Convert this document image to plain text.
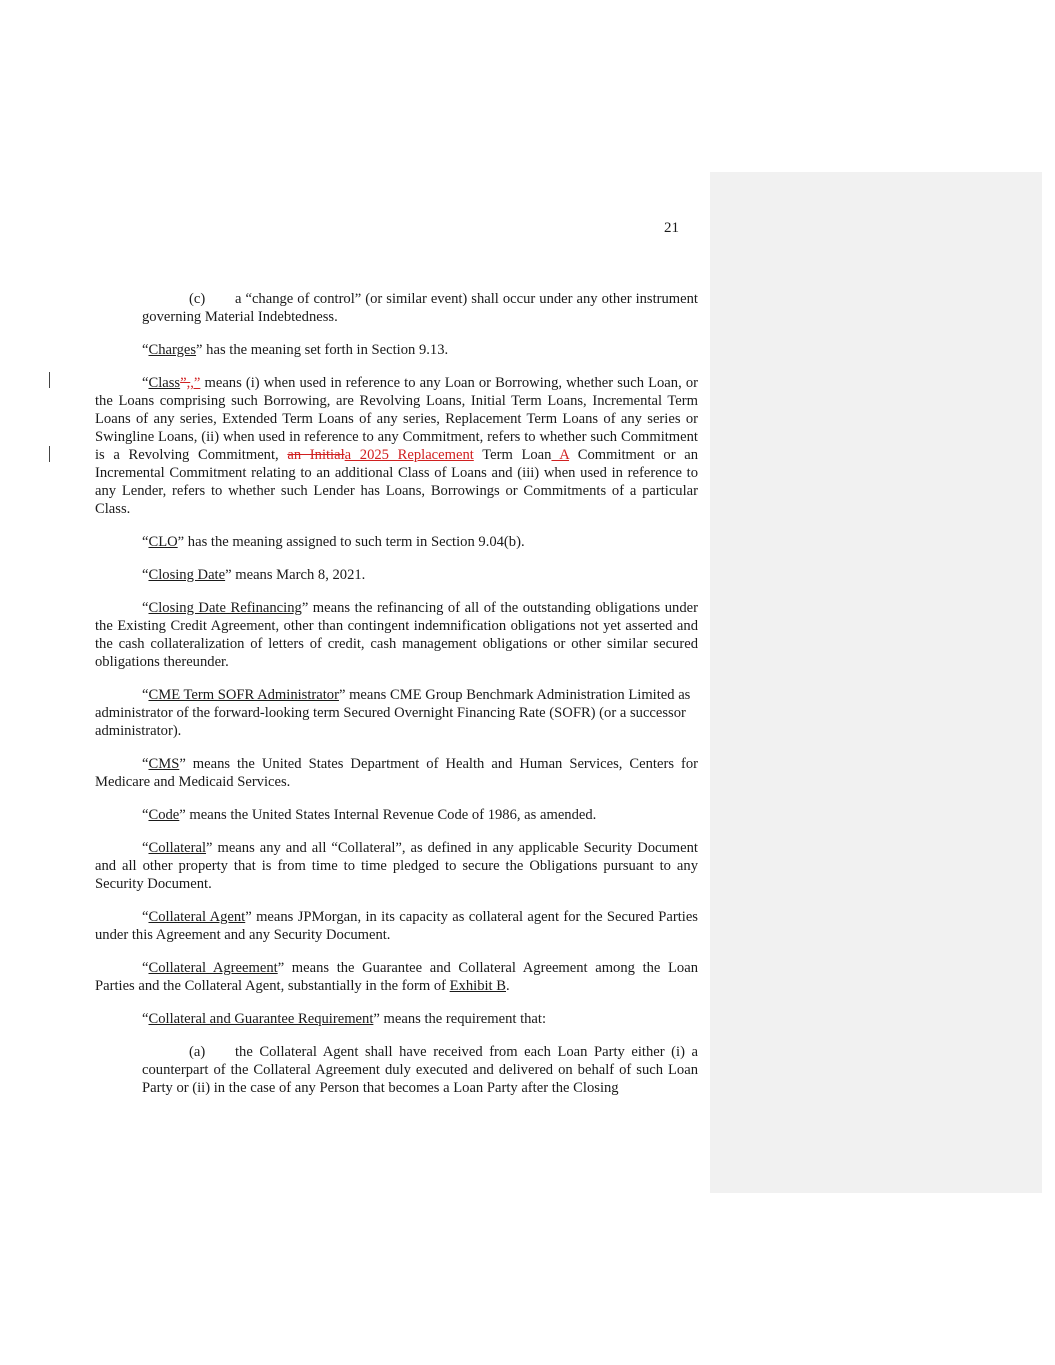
21

(c) a “change of control” (or similar event) shall occur under any other instrument governing Material Indebtedness.

“Charges” has the meaning set forth in Section 9.13.

“Class”,,” means (i) when used in reference to any Loan or Borrowing, whether such Loan, or the Loans comprising such Borrowing, are Revolving Loans, Initial Term Loans, Incremental Term Loans of any series, Extended Term Loans of any series, Replacement Term Loans of any series or Swingline Loans, (ii) when used in reference to any Commitment, refers to whether such Commitment is a Revolving Commitment, an Initiala 2025 Replacement Term Loan A Commitment or an Incremental Commitment relating to an additional Class of Loans and (iii) when used in reference to any Lender, refers to whether such Lender has Loans, Borrowings or Commitments of a particular Class.

“CLO” has the meaning assigned to such term in Section 9.04(b).

“Closing Date” means March 8, 2021.

“Closing Date Refinancing” means the refinancing of all of the outstanding obligations under the Existing Credit Agreement, other than contingent indemnification obligations not yet asserted and the cash collateralization of letters of credit, cash management obligations or other similar secured obligations thereunder.

“CME Term SOFR Administrator” means CME Group Benchmark Administration Limited as administrator of the forward-looking term Secured Overnight Financing Rate (SOFR) (or a successor administrator).

“CMS” means the United States Department of Health and Human Services, Centers for Medicare and Medicaid Services.

“Code” means the United States Internal Revenue Code of 1986, as amended.

“Collateral” means any and all “Collateral”, as defined in any applicable Security Document and all other property that is from time to time pledged to secure the Obligations pursuant to any Security Document.

“Collateral Agent” means JPMorgan, in its capacity as collateral agent for the Secured Parties under this Agreement and any Security Document.

“Collateral Agreement” means the Guarantee and Collateral Agreement among the Loan Parties and the Collateral Agent, substantially in the form of Exhibit B.

“Collateral and Guarantee Requirement” means the requirement that:

(a) the Collateral Agent shall have received from each Loan Party either (i) a counterpart of the Collateral Agreement duly executed and delivered on behalf of such Loan Party or (ii) in the case of any Person that becomes a Loan Party after the Closing
